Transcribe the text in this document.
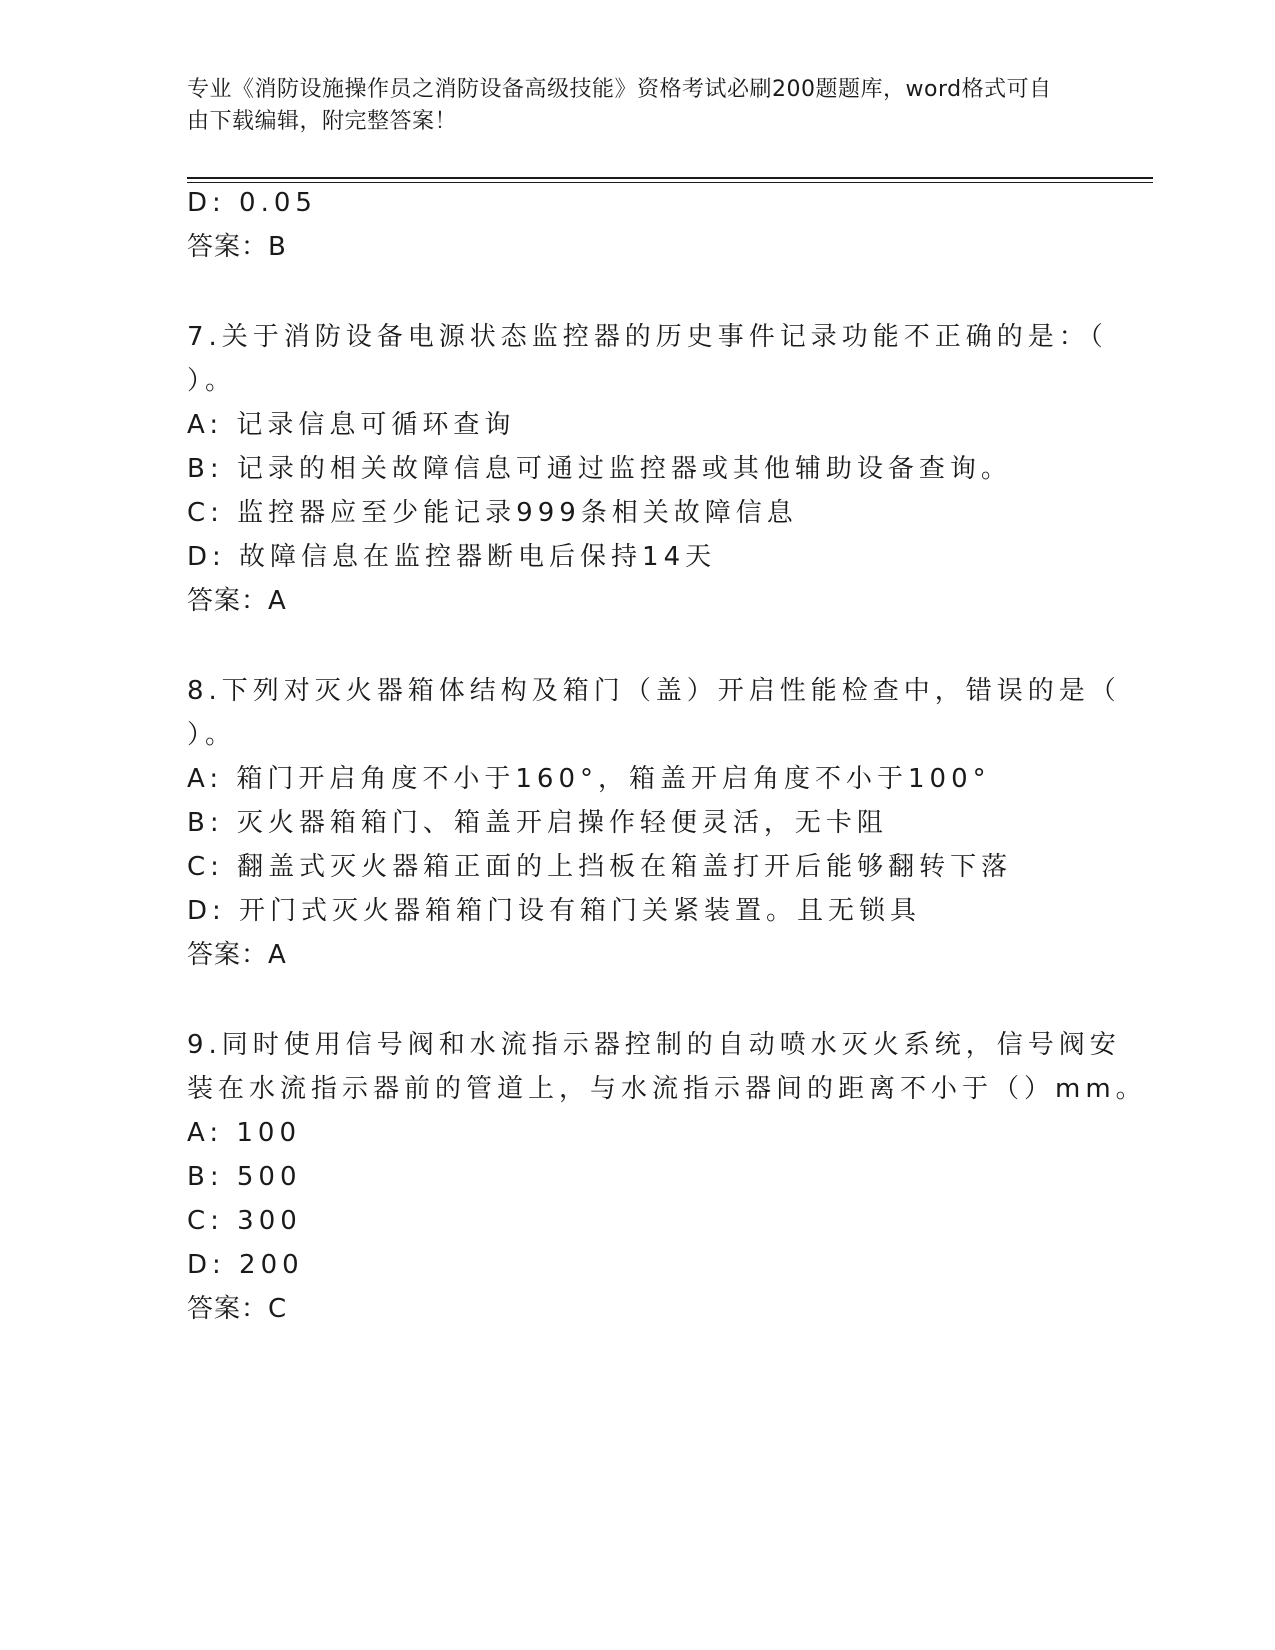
专业《消防设施操作员之消防设备高级技能》资格考试必刷200题题库，word格式可自由下载编辑，附完整答案！
D: 0.05
答案：B
7.关于消防设备电源状态监控器的历史事件记录功能不正确的是：（
）。
A: 记录信息可循环查询
B: 记录的相关故障信息可通过监控器或其他辅助设备查询。
C: 监控器应至少能记录999条相关故障信息
D: 故障信息在监控器断电后保持14天
答案：A
8.下列对灭火器箱体结构及箱门（盖）开启性能检查中，错误的是（
）。
A: 箱门开启角度不小于160°，箱盖开启角度不小于100°
B: 灭火器箱箱门、箱盖开启操作轻便灵活，无卡阻
C: 翻盖式灭火器箱正面的上挡板在箱盖打开后能够翻转下落
D: 开门式灭火器箱箱门设有箱门关紧装置。且无锁具
答案：A
9.同时使用信号阀和水流指示器控制的自动喷水灭火系统，信号阀安
装在水流指示器前的管道上，与水流指示器间的距离不小于（）mm。
A: 100
B: 500
C: 300
D: 200
答案：C
